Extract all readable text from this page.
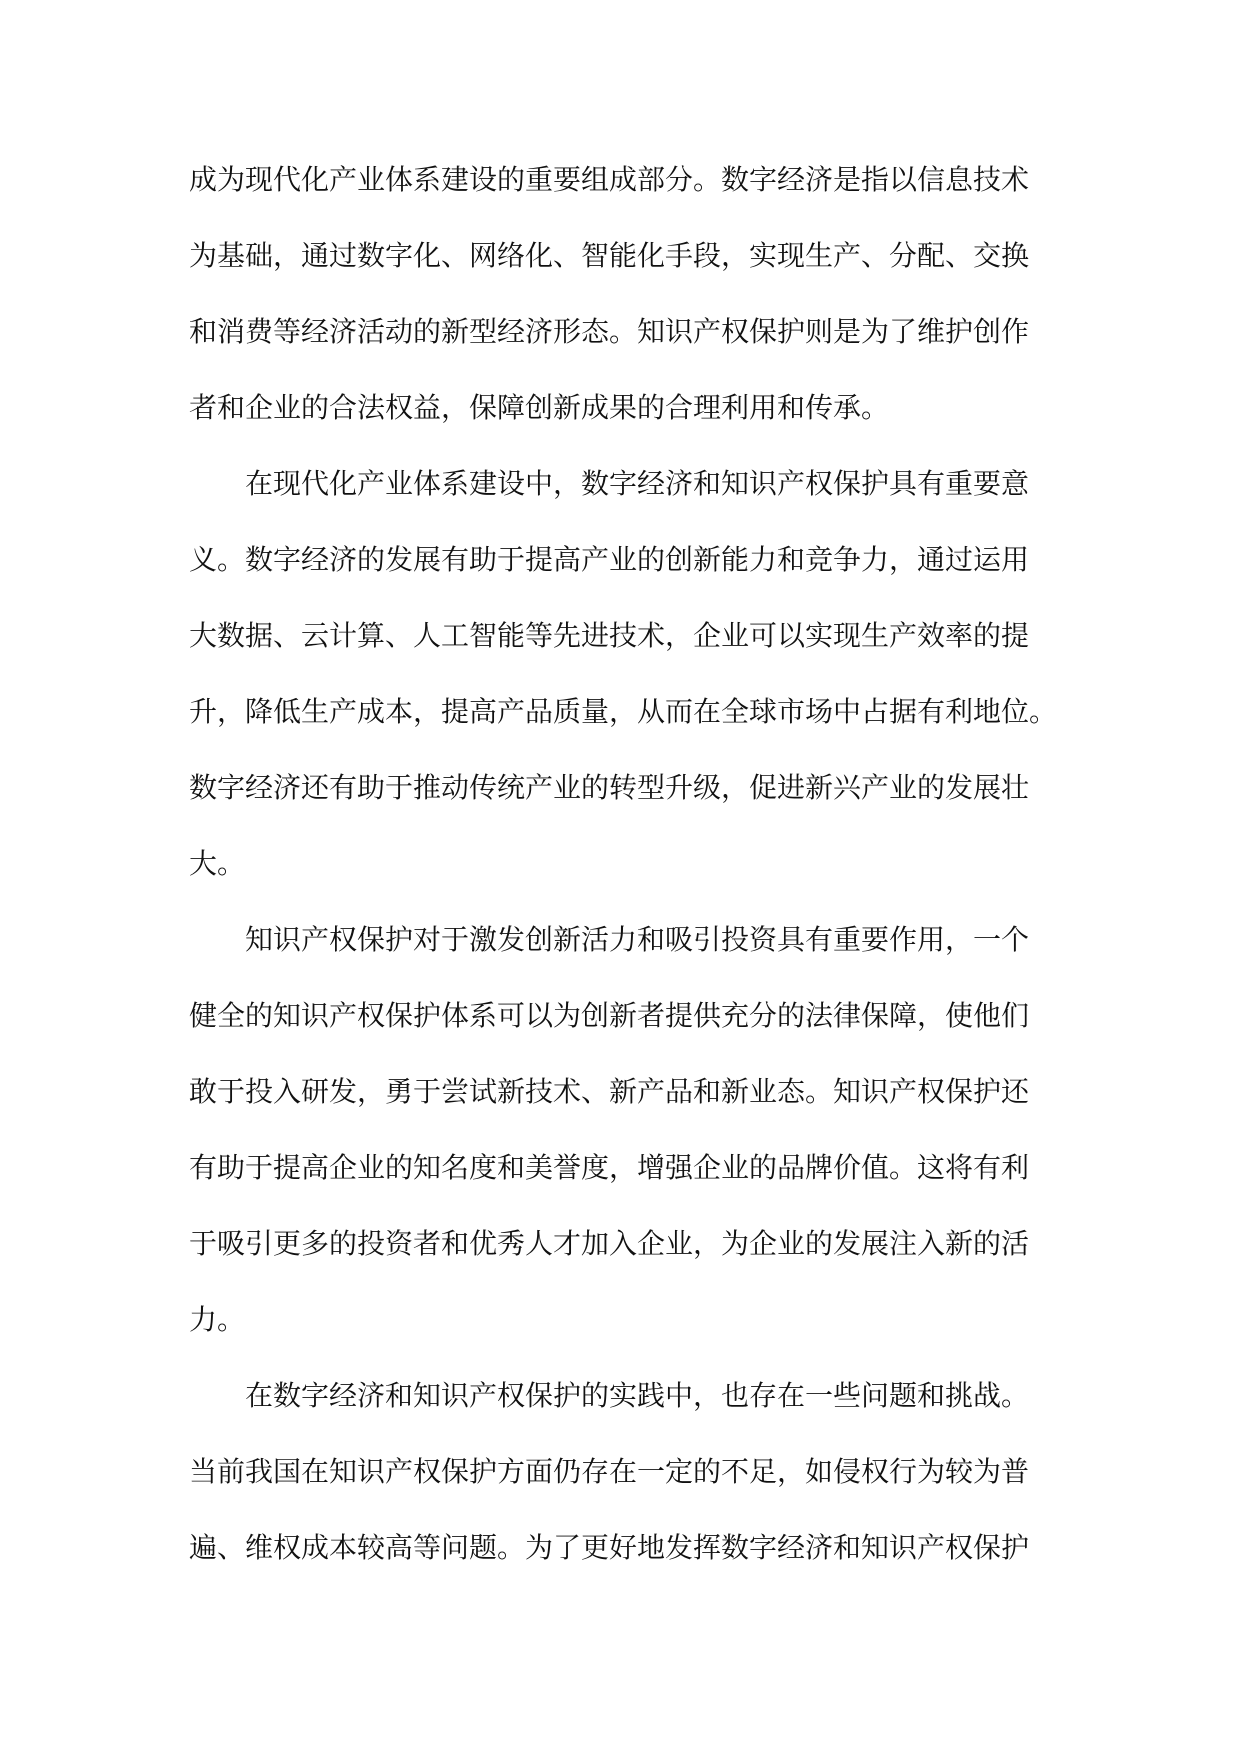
成为现代化产业体系建设的重要组成部分。数字经济是指以信息技术
为基础，通过数字化、网络化、智能化手段，实现生产、分配、交换
和消费等经济活动的新型经济形态。知识产权保护则是为了维护创作
者和企业的合法权益，保障创新成果的合理利用和传承。
在现代化产业体系建设中，数字经济和知识产权保护具有重要意
义。数字经济的发展有助于提高产业的创新能力和竞争力，通过运用
大数据、云计算、人工智能等先进技术，企业可以实现生产效率的提
升，降低生产成本，提高产品质量，从而在全球市场中占据有利地位。
数字经济还有助于推动传统产业的转型升级，促进新兴产业的发展壮
大。
知识产权保护对于激发创新活力和吸引投资具有重要作用，一个
健全的知识产权保护体系可以为创新者提供充分的法律保障，使他们
敢于投入研发，勇于尝试新技术、新产品和新业态。知识产权保护还
有助于提高企业的知名度和美誉度，增强企业的品牌价值。这将有利
于吸引更多的投资者和优秀人才加入企业，为企业的发展注入新的活
力。
在数字经济和知识产权保护的实践中，也存在一些问题和挑战。
当前我国在知识产权保护方面仍存在一定的不足，如侵权行为较为普
遍、维权成本较高等问题。为了更好地发挥数字经济和知识产权保护
